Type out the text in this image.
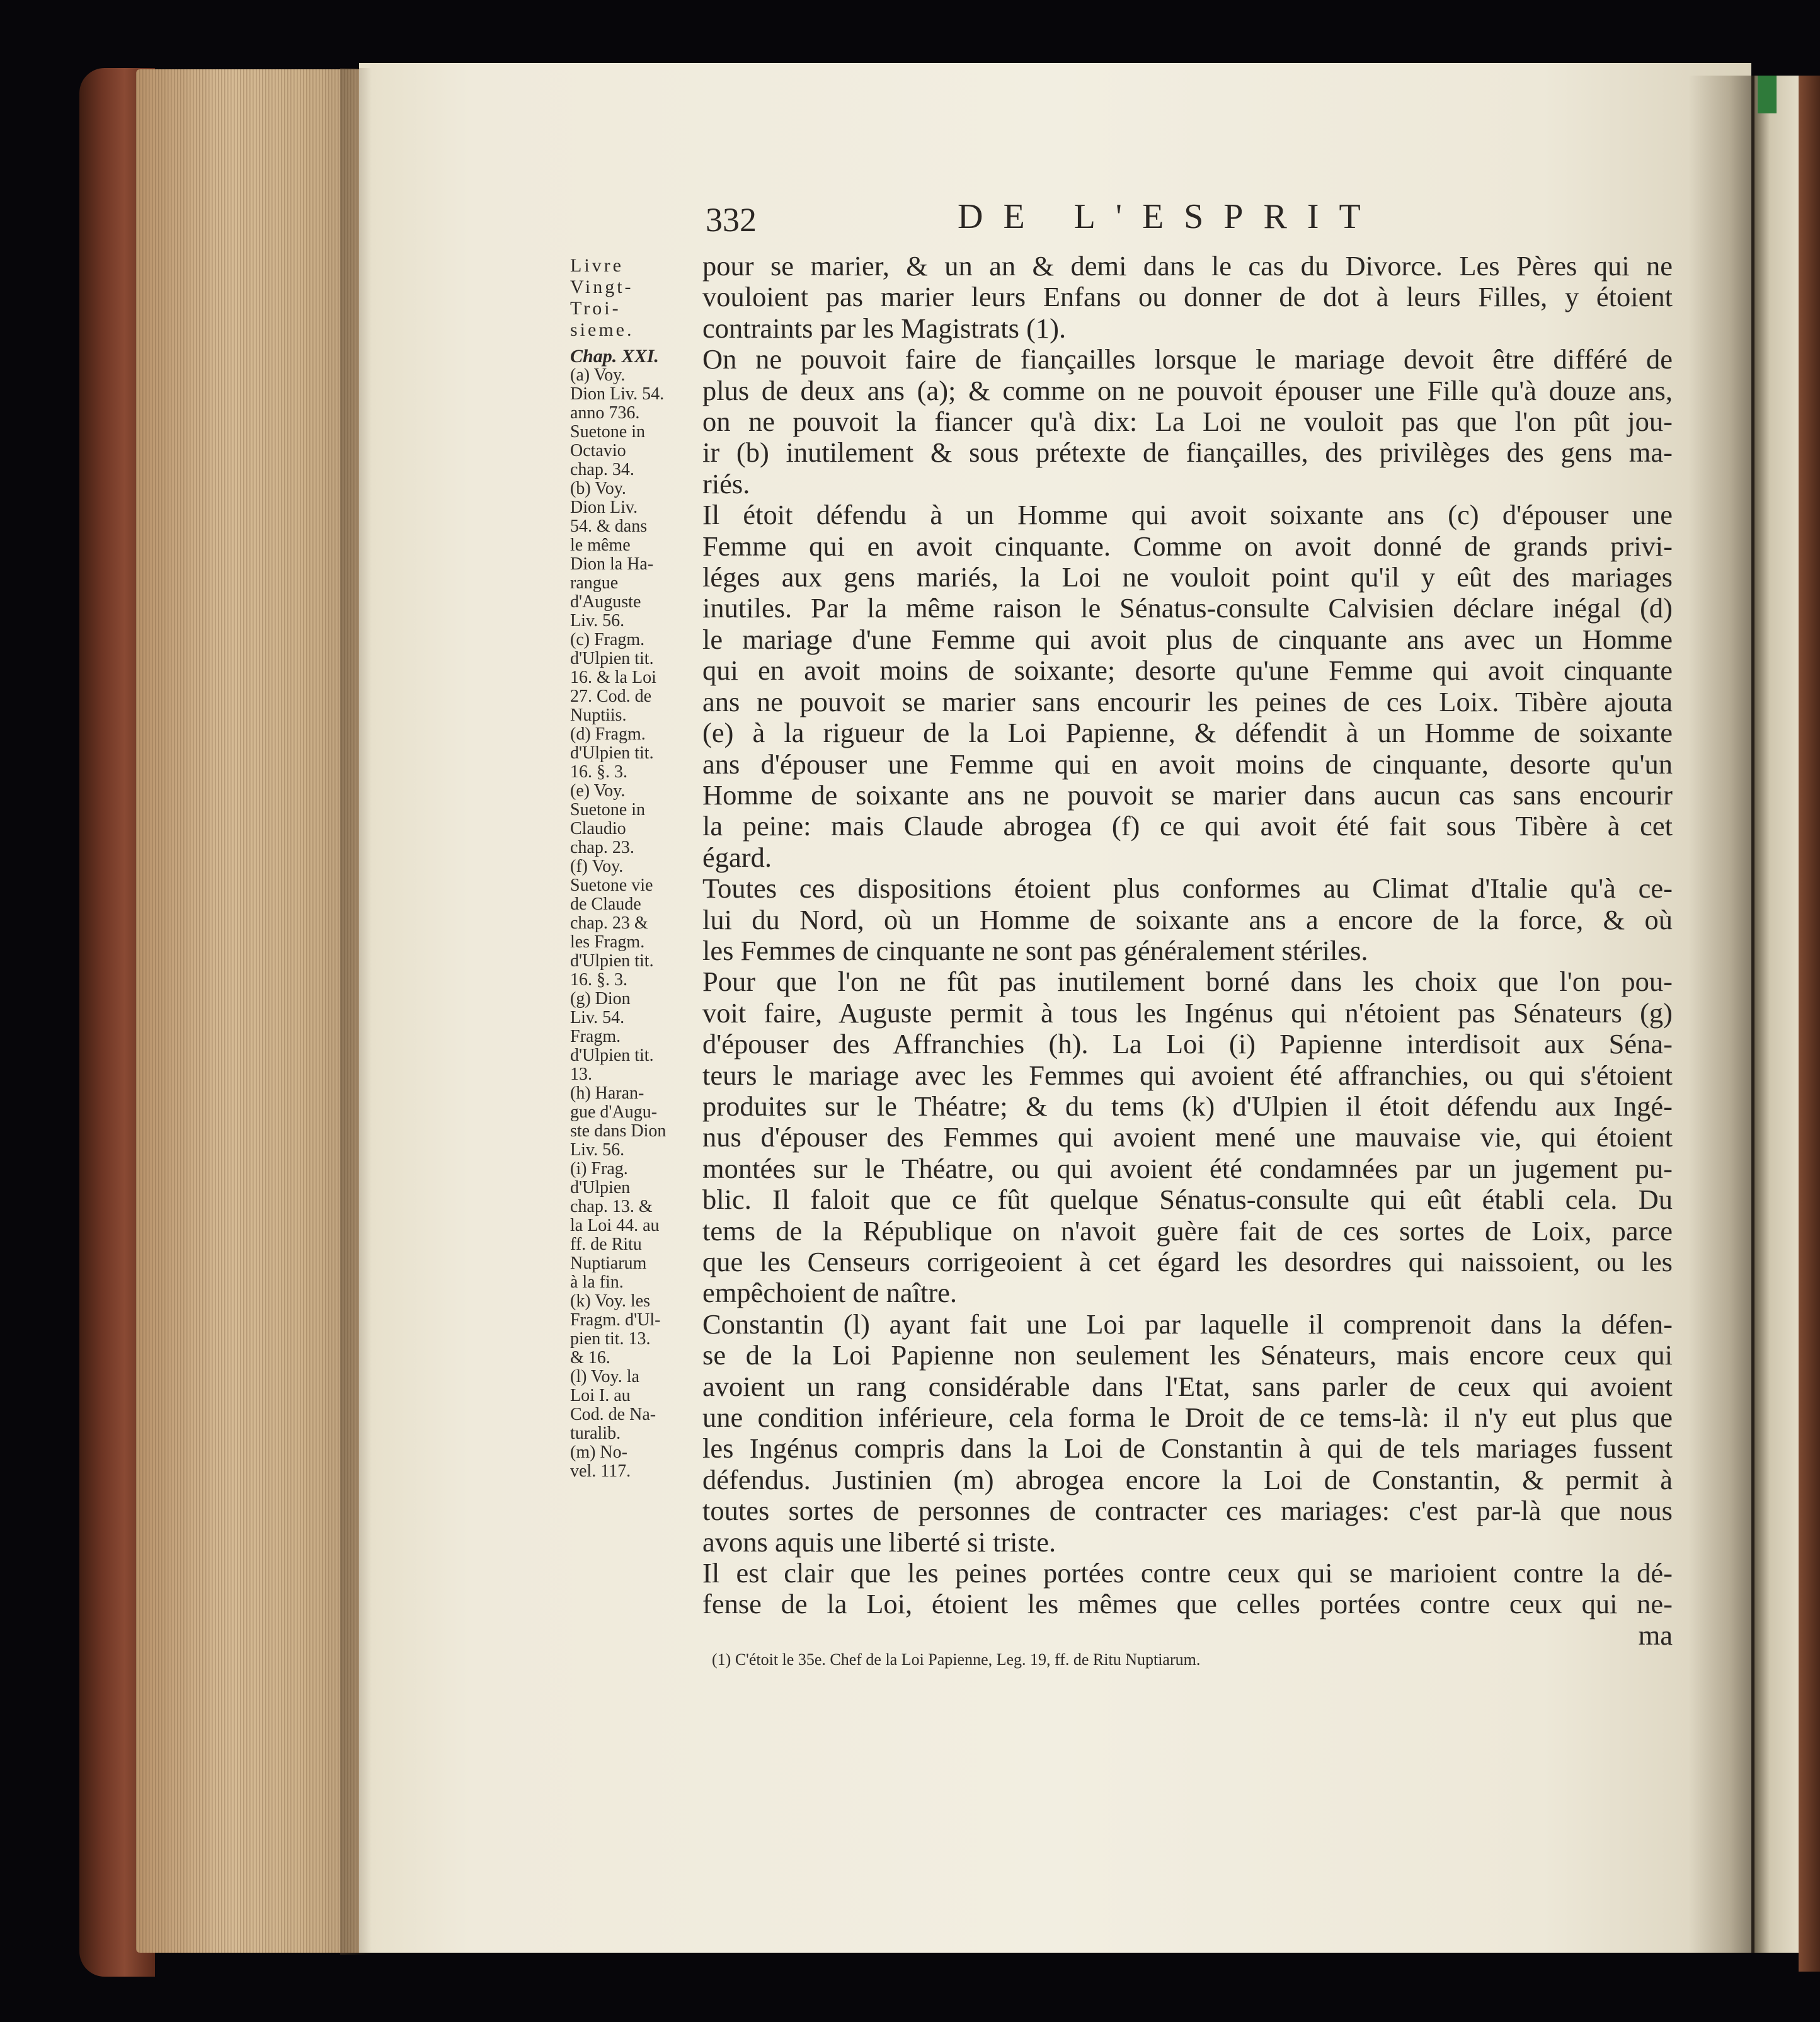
332	DE L'ESPRIT

Livre
Vingt-
Troi-
sieme.
Chap. XXI.
(a) Voy.
Dion Liv. 54.
anno 736.
Suetone in
Octavio
chap. 34.
(b) Voy.
Dion Liv.
54. & dans
le même
Dion la Ha-
rangue
d'Auguste
Liv. 56.
(c) Fragm.
d'Ulpien tit.
16. & la Loi
27. Cod. de
Nuptiis.
(d) Fragm.
d'Ulpien tit.
16. §. 3.
(e) Voy.
Suetone in
Claudio
chap. 23.
(f) Voy.
Suetone vie
de Claude
chap. 23 &
les Fragm.
d'Ulpien tit.
16. §. 3.
(g) Dion
Liv. 54.
Fragm.
d'Ulpien tit.
13.
(h) Haran-
gue d'Augu-
ste dans Dion
Liv. 56.
(i) Frag.
d'Ulpien
chap. 13. &
la Loi 44. au
ff. de Ritu
Nuptiarum
à la fin.
(k) Voy. les
Fragm. d'Ul-
pien tit. 13.
& 16.
(l) Voy. la
Loi I. au
Cod. de Na-
turalib.
(m) No-
vel. 117.
pour se marier, & un an & demi dans le cas du Divorce. Les Pères qui ne
vouloient pas marier leurs Enfans ou donner de dot à leurs Filles, y étoient
contraints par les Magistrats (1).
On ne pouvoit faire de fiançailles lorsque le mariage devoit être différé de
plus de deux ans (a); & comme on ne pouvoit épouser une Fille qu'à douze ans,
on ne pouvoit la fiancer qu'à dix: La Loi ne vouloit pas que l'on pût jou-
ir (b) inutilement & sous prétexte de fiançailles, des privilèges des gens ma-
riés.
Il étoit défendu à un Homme qui avoit soixante ans (c) d'épouser une
Femme qui en avoit cinquante. Comme on avoit donné de grands privi-
léges aux gens mariés, la Loi ne vouloit point qu'il y eût des mariages
inutiles. Par la même raison le Sénatus-consulte Calvisien déclare inégal (d)
le mariage d'une Femme qui avoit plus de cinquante ans avec un Homme
qui en avoit moins de soixante; desorte qu'une Femme qui avoit cinquante
ans ne pouvoit se marier sans encourir les peines de ces Loix. Tibère ajouta
(e) à la rigueur de la Loi Papienne, & défendit à un Homme de soixante
ans d'épouser une Femme qui en avoit moins de cinquante, desorte qu'un
Homme de soixante ans ne pouvoit se marier dans aucun cas sans encourir
la peine: mais Claude abrogea (f) ce qui avoit été fait sous Tibère à cet
égard.
Toutes ces dispositions étoient plus conformes au Climat d'Italie qu'à ce-
lui du Nord, où un Homme de soixante ans a encore de la force, & où
les Femmes de cinquante ne sont pas généralement stériles.
Pour que l'on ne fût pas inutilement borné dans les choix que l'on pou-
voit faire, Auguste permit à tous les Ingénus qui n'étoient pas Sénateurs (g)
d'épouser des Affranchies (h). La Loi (i) Papienne interdisoit aux Séna-
teurs le mariage avec les Femmes qui avoient été affranchies, ou qui s'étoient
produites sur le Théatre; & du tems (k) d'Ulpien il étoit défendu aux Ingé-
nus d'épouser des Femmes qui avoient mené une mauvaise vie, qui étoient
montées sur le Théatre, ou qui avoient été condamnées par un jugement pu-
blic. Il faloit que ce fût quelque Sénatus-consulte qui eût établi cela. Du
tems de la République on n'avoit guère fait de ces sortes de Loix, parce
que les Censeurs corrigeoient à cet égard les desordres qui naissoient, ou les
empêchoient de naître.
Constantin (l) ayant fait une Loi par laquelle il comprenoit dans la défen-
se de la Loi Papienne non seulement les Sénateurs, mais encore ceux qui
avoient un rang considérable dans l'Etat, sans parler de ceux qui avoient
une condition inférieure, cela forma le Droit de ce tems-là: il n'y eut plus que
les Ingénus compris dans la Loi de Constantin à qui de tels mariages fussent
défendus. Justinien (m) abrogea encore la Loi de Constantin, & permit à
toutes sortes de personnes de contracter ces mariages: c'est par-là que nous
avons aquis une liberté si triste.
Il est clair que les peines portées contre ceux qui se marioient contre la dé-
fense de la Loi, étoient les mêmes que celles portées contre ceux qui ne-
ma

(1) C'étoit le 35e. Chef de la Loi Papienne, Leg. 19, ff. de Ritu Nuptiarum.
